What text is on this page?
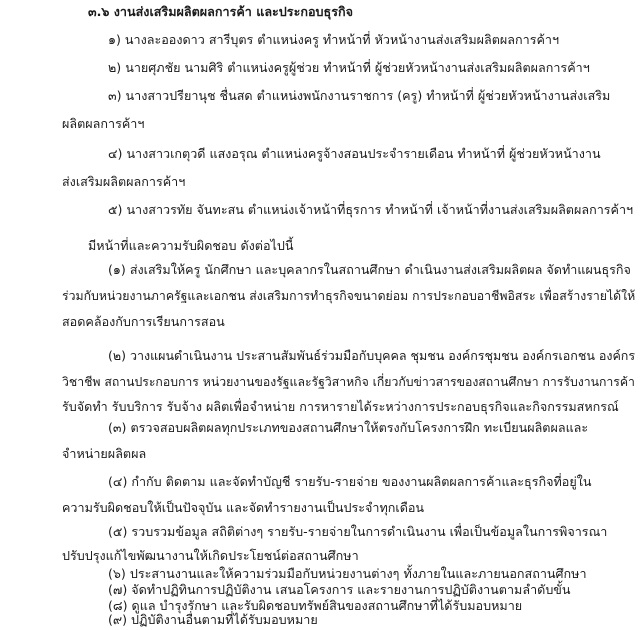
๓.๖ งานส่งเสริมผลิตผลการค้า และประกอบธุรกิจ
๑) นางละอองดาว สารีบุตร ตำแหน่งครู ทำหน้าที่ หัวหน้างานส่งเสริมผลิตผลการค้าฯ
๒) นายศุภชัย นามศิริ ตำแหน่งครูผู้ช่วย ทำหน้าที่ ผู้ช่วยหัวหน้างานส่งเสริมผลิตผลการค้าฯ
๓) นางสาวปรียานุช ชื่นสด ตำแหน่งพนักงานราชการ (ครู) ทำหน้าที่ ผู้ช่วยหัวหน้างานส่งเสริม
ผลิตผลการค้าฯ
๔) นางสาวเกตุวดี แสงอรุณ ตำแหน่งครูจ้างสอนประจำรายเดือน ทำหน้าที่ ผู้ช่วยหัวหน้างาน
ส่งเสริมผลิตผลการค้าฯ
๕) นางสาวรทัย จันทะสน ตำแหน่งเจ้าหน้าที่ธุรการ ทำหน้าที่ เจ้าหน้าที่งานส่งเสริมผลิตผลการค้าฯ
มีหน้าที่และความรับผิดชอบ ดังต่อไปนี้
(๑) ส่งเสริมให้ครู นักศึกษา และบุคลากรในสถานศึกษา ดำเนินงานส่งเสริมผลิตผล จัดทำแผนธุรกิจ
ร่วมกับหน่วยงานภาครัฐและเอกชน ส่งเสริมการทำธุรกิจขนาดย่อม การประกอบอาชีพอิสระ เพื่อสร้างรายได้ให้
สอดคล้องกับการเรียนการสอน
(๒) วางแผนดำเนินงาน ประสานสัมพันธ์ร่วมมือกับบุคคล ชุมชน องค์กรชุมชน องค์กรเอกชน องค์กร
วิชาชีพ สถานประกอบการ หน่วยงานของรัฐและรัฐวิสาหกิจ เกี่ยวกับข่าวสารของสถานศึกษา การรับงานการค้า
รับจัดทำ รับบริการ รับจ้าง ผลิตเพื่อจำหน่าย การหารายได้ระหว่างการประกอบธุรกิจและกิจกรรมสหกรณ์
(๓) ตรวจสอบผลิตผลทุกประเภทของสถานศึกษาให้ตรงกับโครงการฝึก ทะเบียนผลิตผลและ
จำหน่ายผลิตผล
(๔) กำกับ ติดตาม และจัดทำบัญชี รายรับ-รายจ่าย ของงานผลิตผลการค้าและธุรกิจที่อยู่ใน
ความรับผิดชอบให้เป็นปัจจุบัน และจัดทำรายงานเป็นประจำทุกเดือน
(๕) รวบรวมข้อมูล สถิติต่างๆ รายรับ-รายจ่ายในการดำเนินงาน เพื่อเป็นข้อมูลในการพิจารณา
ปรับปรุงแก้ไขพัฒนางานให้เกิดประโยชน์ต่อสถานศึกษา
(๖) ประสานงานและให้ความร่วมมือกับหน่วยงานต่างๆ ทั้งภายในและภายนอกสถานศึกษา
(๗) จัดทำปฏิทินการปฏิบัติงาน เสนอโครงการ และรายงานการปฏิบัติงานตามลำดับขั้น
(๘) ดูแล บำรุงรักษา และรับผิดชอบทรัพย์สินของสถานศึกษาที่ได้รับมอบหมาย
(๙) ปฏิบัติงานอื่นตามที่ได้รับมอบหมาย
